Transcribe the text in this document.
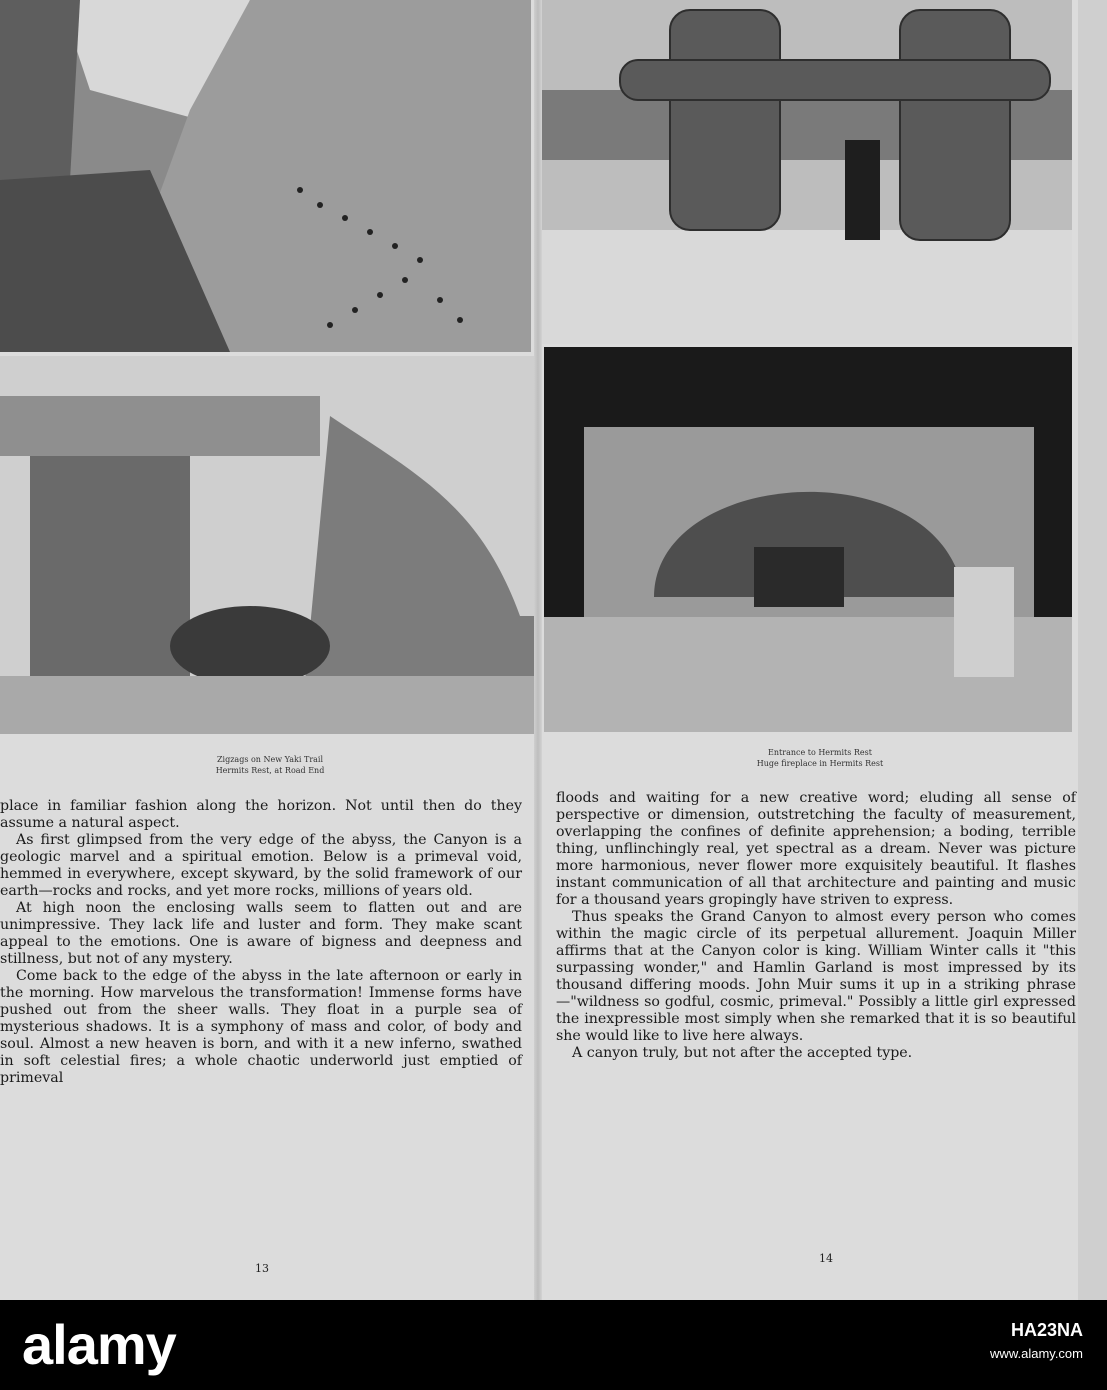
Zigzags on New Yaki Trail
Hermits Rest, at Road End
Entrance to Hermits Rest
Huge fireplace in Hermits Rest

place in familiar fashion along the horizon. Not until then do they assume a natural aspect.

As first glimpsed from the very edge of the abyss, the Canyon is a geologic marvel and a spiritual emotion. Below is a primeval void, hemmed in everywhere, except skyward, by the solid framework of our earth—rocks and rocks, and yet more rocks, millions of years old.

At high noon the enclosing walls seem to flatten out and are unimpressive. They lack life and luster and form. They make scant appeal to the emotions. One is aware of bigness and deepness and stillness, but not of any mystery.

Come back to the edge of the abyss in the late afternoon or early in the morning. How marvelous the transformation! Immense forms have pushed out from the sheer walls. They float in a purple sea of mysterious shadows. It is a symphony of mass and color, of body and soul. Almost a new heaven is born, and with it a new inferno, swathed in soft celestial fires; a whole chaotic underworld just emptied of primeval

13

floods and waiting for a new creative word; eluding all sense of perspective or dimension, outstretching the faculty of measurement, overlapping the confines of definite apprehension; a boding, terrible thing, unflinchingly real, yet spectral as a dream. Never was picture more harmonious, never flower more exquisitely beautiful. It flashes instant communication of all that architecture and painting and music for a thousand years gropingly have striven to express.

Thus speaks the Grand Canyon to almost every person who comes within the magic circle of its perpetual allurement. Joaquin Miller affirms that at the Canyon color is king. William Winter calls it "this surpassing wonder," and Hamlin Garland is most impressed by its thousand differing moods. John Muir sums it up in a striking phrase—"wildness so godful, cosmic, primeval." Possibly a little girl expressed the inexpressible most simply when she remarked that it is so beautiful she would like to live here always.

A canyon truly, but not after the accepted type.

14
alamy	HA23NA
www.alamy.com
